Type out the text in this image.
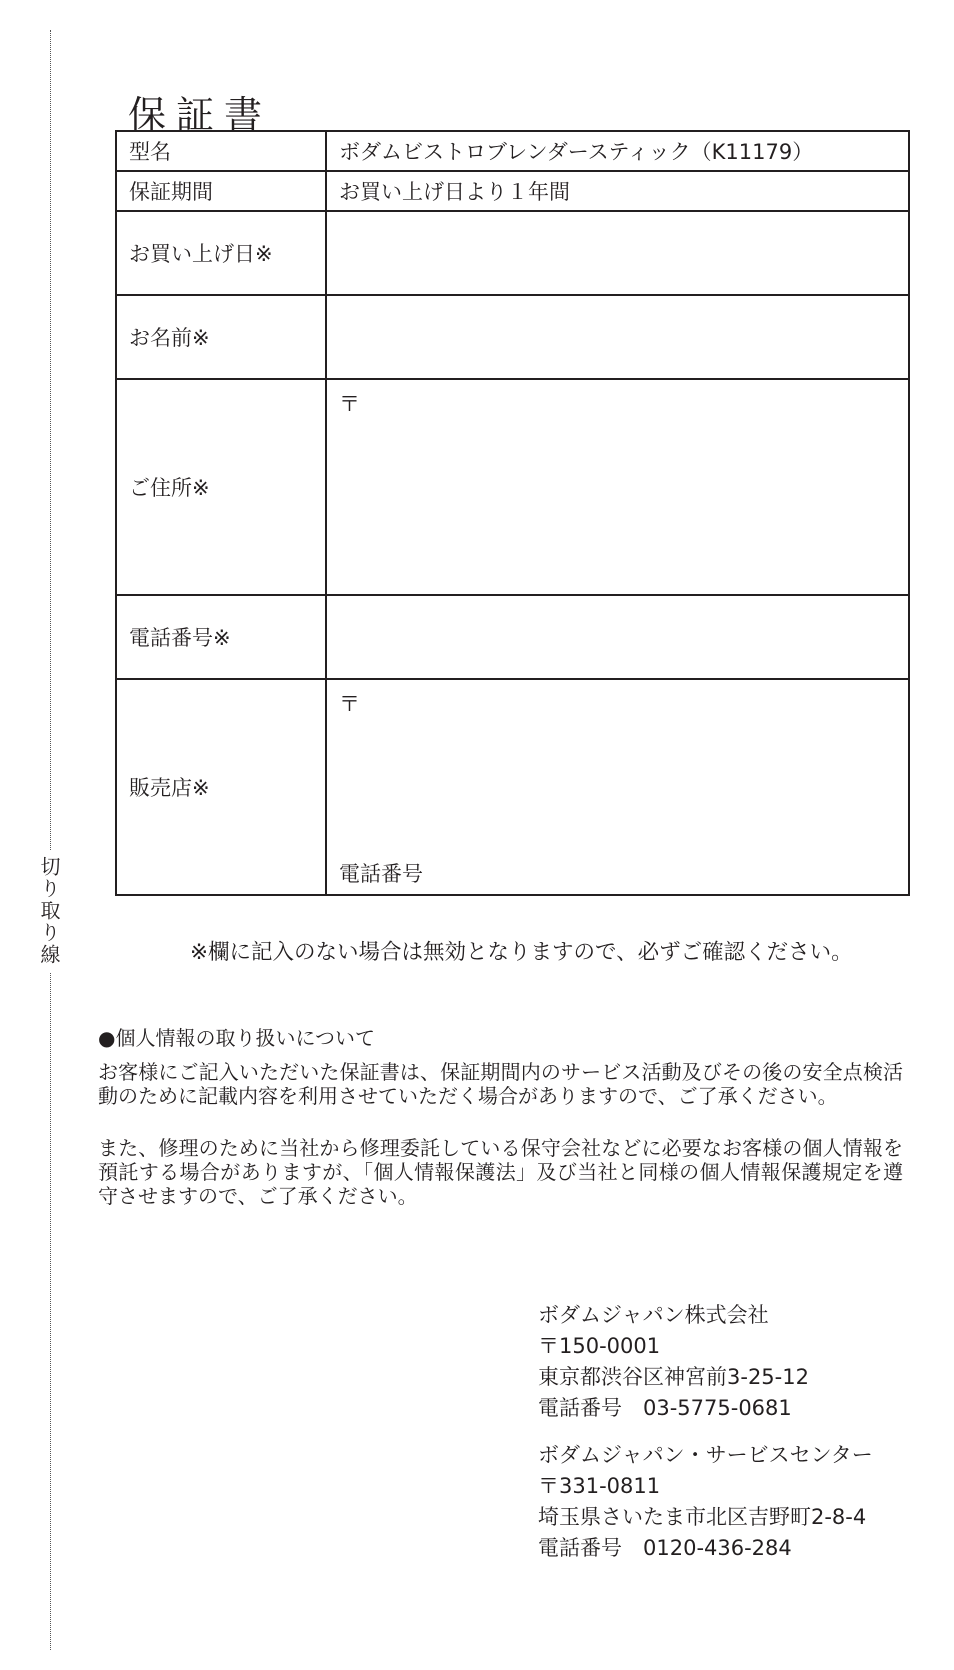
切り取り線
保証書
型名	ボダムビストロブレンダースティック（K11179）
保証期間	お買い上げ日より１年間
お買い上げ日※	
お名前※	
ご住所※	〒

電話番号※	
販売店※	〒
電話番号
※欄に記入のない場合は無効となりますので、必ずご確認ください。
●個人情報の取り扱いについて

お客様にご記入いただいた保証書は、保証期間内のサービス活動及びその後の安全点検活動のために記載内容を利用させていただく場合がありますので、ご了承ください。

また、修理のために当社から修理委託している保守会社などに必要なお客様の個人情報を預託する場合がありますが、「個人情報保護法」及び当社と同様の個人情報保護規定を遵守させますので、ご了承ください。

ボダムジャパン株式会社
〒150-0001
東京都渋谷区神宮前3-25-12
電話番号　03-5775-0681
ボダムジャパン・サービスセンター
〒331-0811
埼玉県さいたま市北区吉野町2-8-4
電話番号　0120-436-284
